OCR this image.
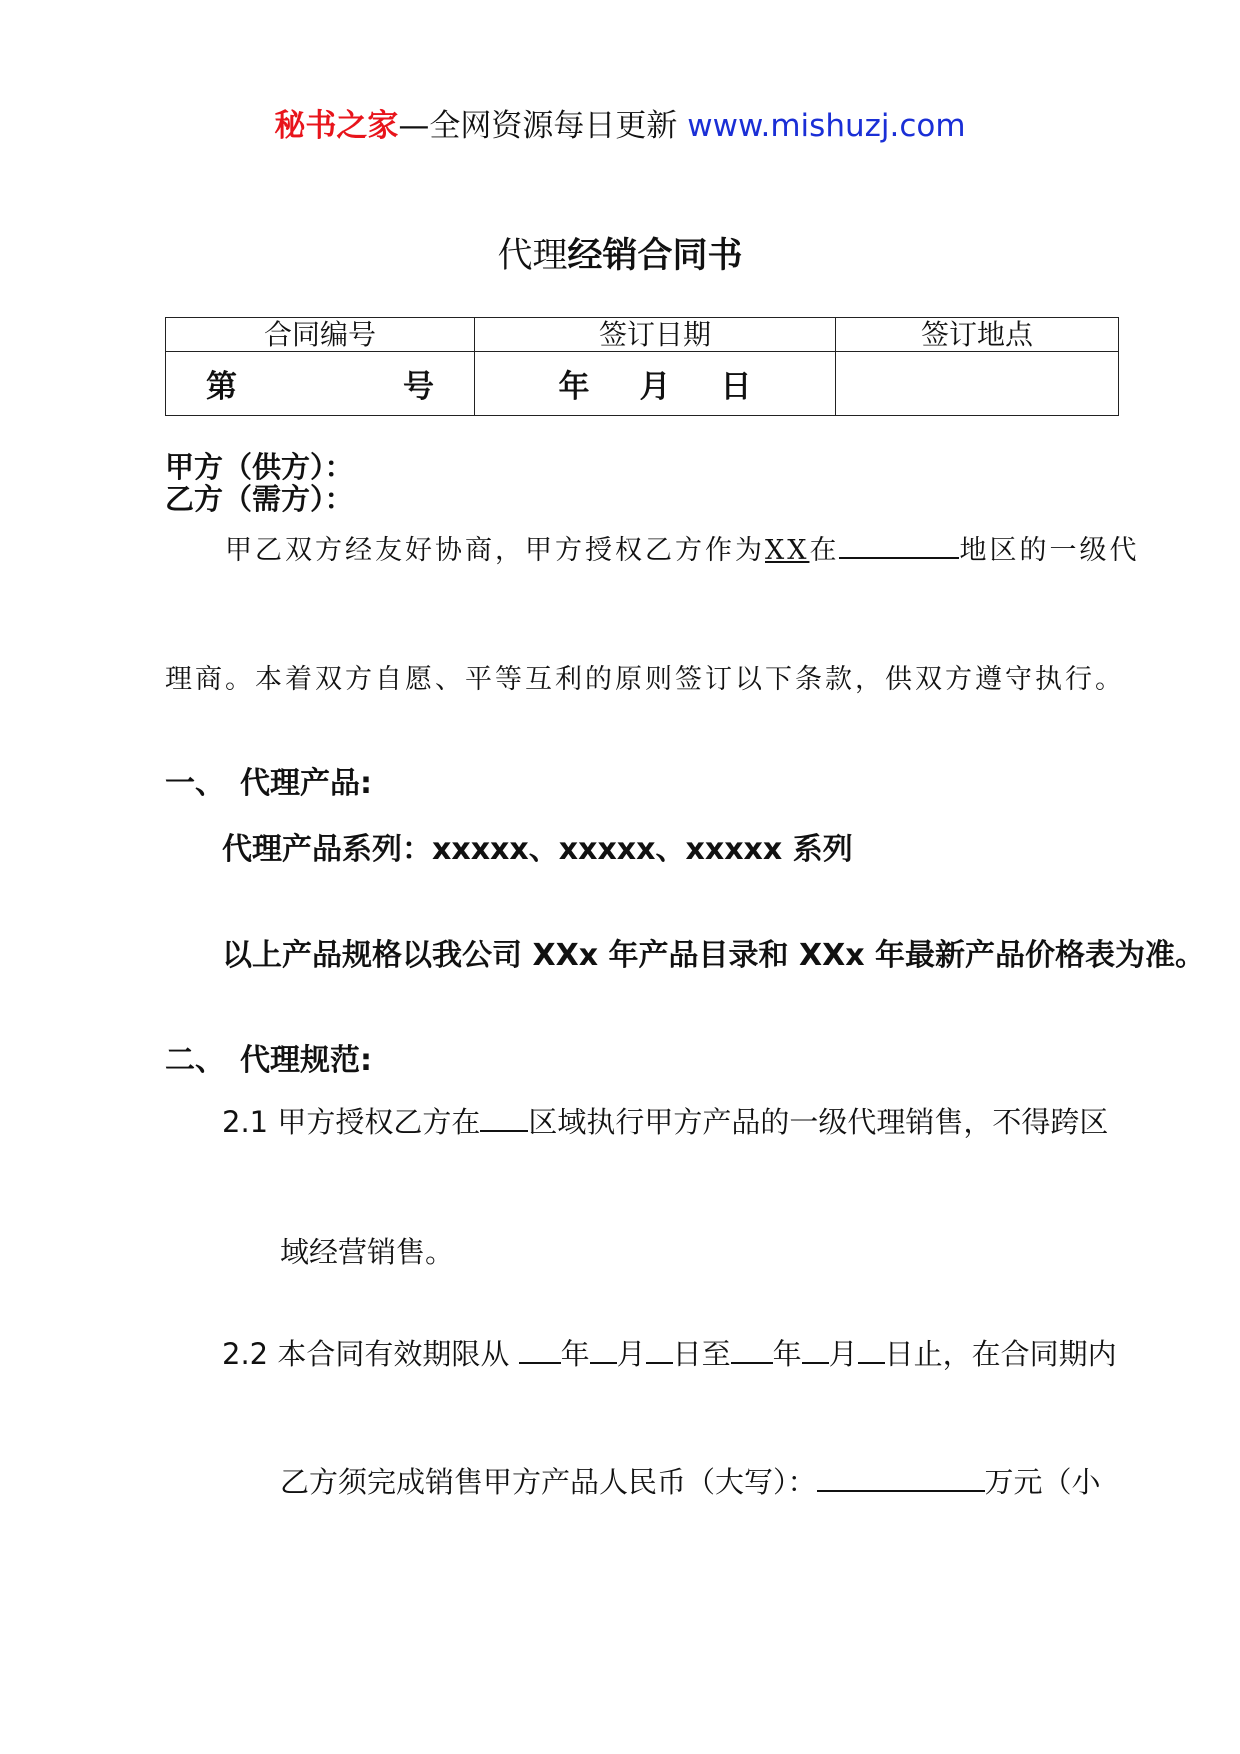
秘书之家—全网资源每日更新 www.mishuzj.com
代理经销合同书
合同编号	签订日期	签订地点

第 号	年 月 日	

甲方（供方）：
乙方（需方）：
甲乙双方经友好协商，甲方授权乙方作为XX在	地区的一级代
理商。本着双方自愿、平等互利的原则签订以下条款，供双方遵守执行。
一、 代理产品:
代理产品系列：xxxxx、xxxxx、xxxxx 系列
以上产品规格以我公司 XXx 年产品目录和 XXx 年最新产品价格表为准。
二、 代理规范:
2.1 甲方授权乙方在 区域执行甲方产品的一级代理销售，不得跨区
域经营销售。
2.2 本合同有效期限从 年 月 日至 年 月 日止，在合同期内
乙方须完成销售甲方产品人民币（大写）：	万元（小
